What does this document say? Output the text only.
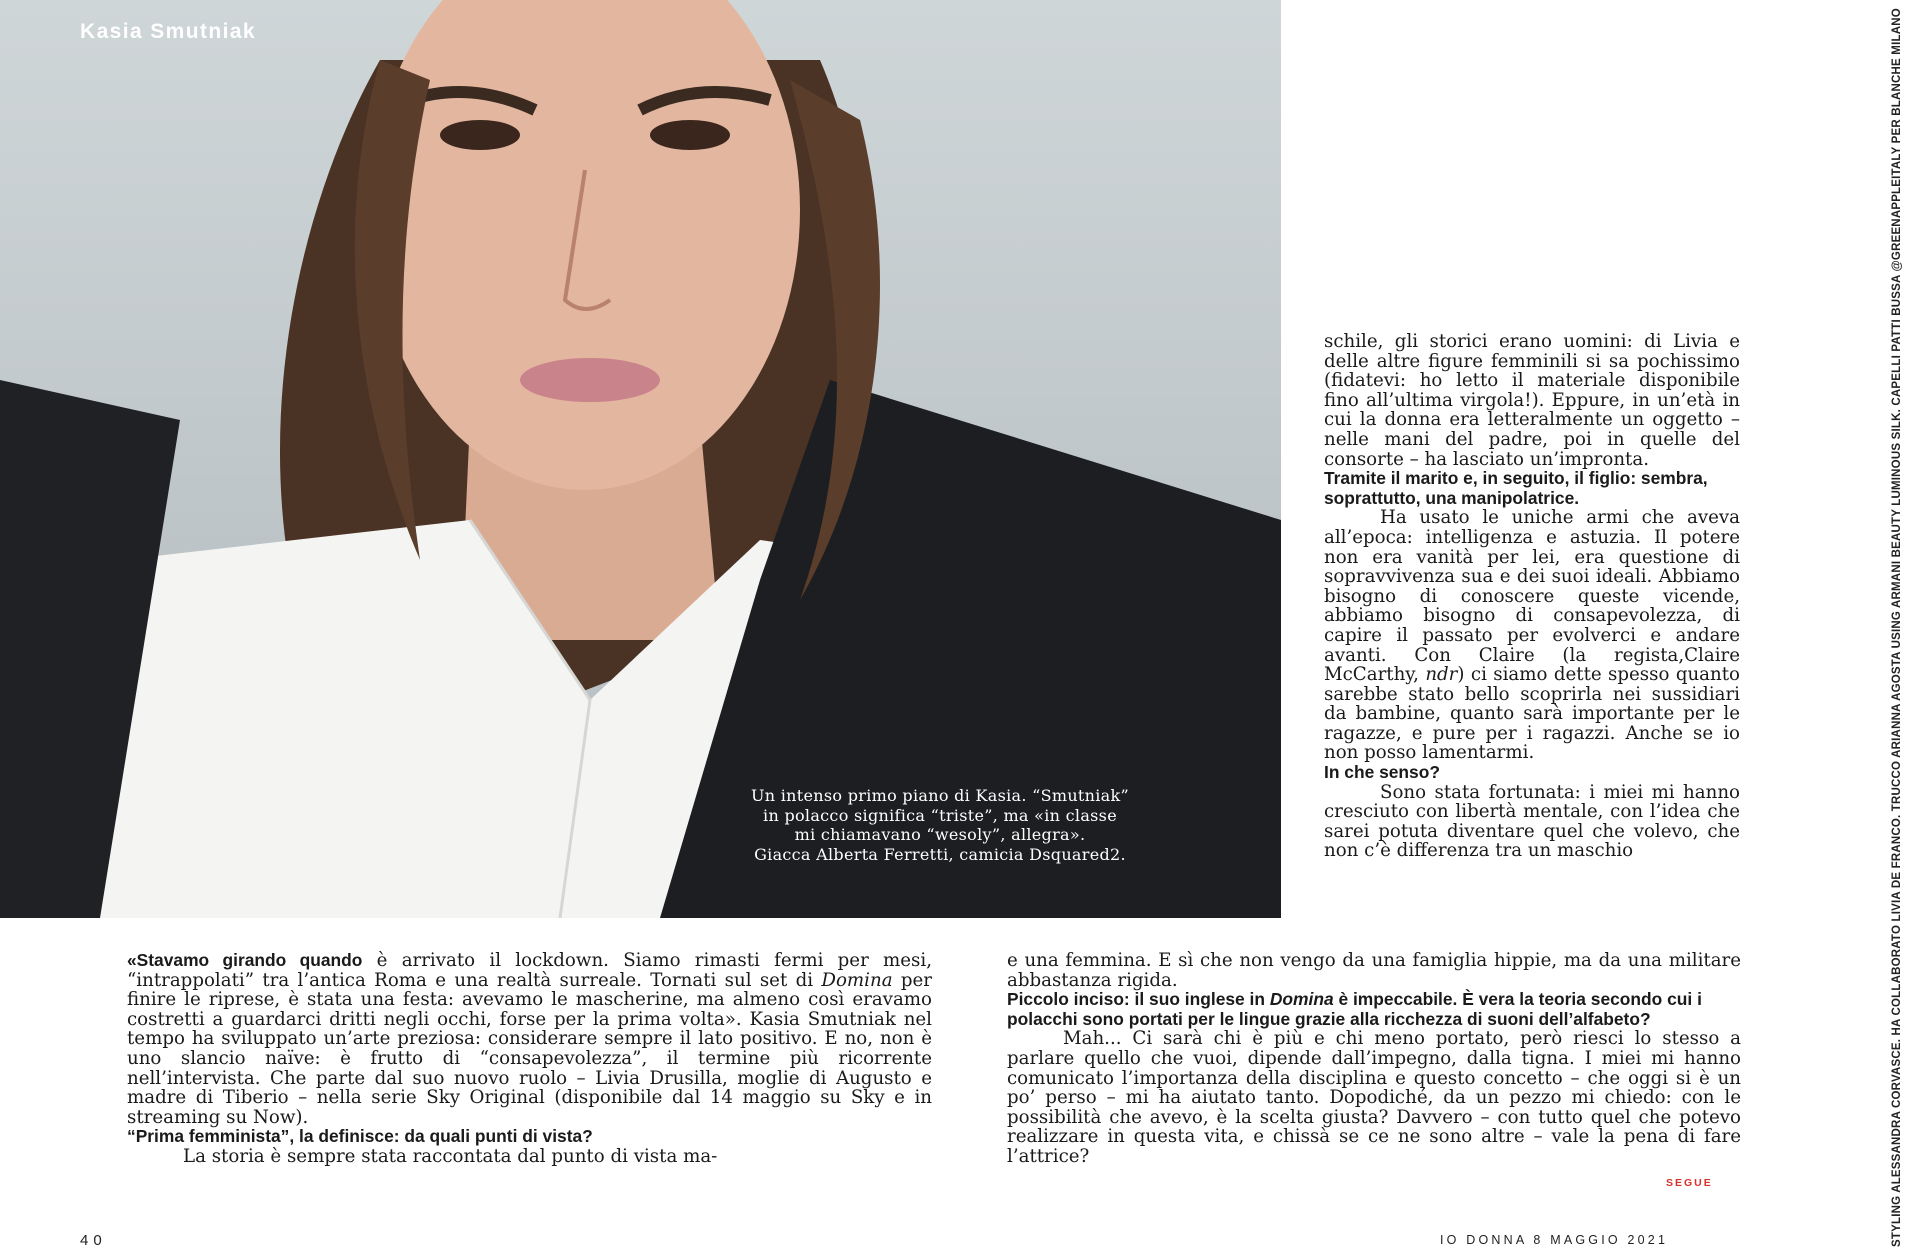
Kasia Smutniak

Un intenso primo piano di Kasia. “Smutniak”

in polacco significa “triste”, ma «in classe

mi chiamavano “wesoly”, allegra».

Giacca Alberta Ferretti, camicia Dsquared2.

schile, gli storici erano uomini: di Livia e delle altre figure femminili si sa pochissimo (fidatevi: ho letto il materiale disponibile fino all’ultima virgola!). Eppure, in un’età in cui la donna era letteralmente un oggetto – nelle mani del padre, poi in quelle del consorte – ha lasciato un’impronta.

Tramite il marito e, in seguito, il figlio: sembra, soprattutto, una manipolatrice.

Ha usato le uniche armi che aveva all’epoca: intelligenza e astuzia. Il potere non era vanità per lei, era questione di sopravvivenza sua e dei suoi ideali. Abbiamo bisogno di conoscere queste vicende, abbiamo bisogno di consapevolezza, di capire il passato per evolverci e andare avanti. Con Claire (la regista,Claire McCarthy, ndr) ci siamo dette spesso quanto sarebbe stato bello scoprirla nei sussidiari da bambine, quanto sarà importante per le ragazze, e pure per i ragazzi. Anche se io non posso lamentarmi.

In che senso?

Sono stata fortunata: i miei mi hanno cresciuto con libertà mentale, con l’idea che sarei potuta diventare quel che volevo, che non c’è differenza tra un maschio

«Stavamo girando quando è arrivato il lockdown. Siamo rimasti fermi per mesi, “intrappolati” tra l’antica Roma e una realtà surreale. Tornati sul set di Domina per finire le riprese, è stata una festa: avevamo le mascherine, ma almeno così eravamo costretti a guardarci dritti negli occhi, forse per la prima volta». Kasia Smutniak nel tempo ha sviluppato un’arte preziosa: considerare sempre il lato positivo. E no, non è uno slancio naïve: è frutto di “consapevolezza”, il termine più ricorrente nell’intervista. Che parte dal suo nuovo ruolo – Livia Drusilla, moglie di Augusto e madre di Tiberio – nella serie Sky Original (disponibile dal 14 maggio su Sky e in streaming su Now).

“Prima femminista”, la definisce: da quali punti di vista?

La storia è sempre stata raccontata dal punto di vista ma-

e una femmina. E sì che non vengo da una famiglia hippie, ma da una militare abbastanza rigida.

Piccolo inciso: il suo inglese in Domina è impeccabile. È vera la teoria secondo cui i polacchi sono portati per le lingue grazie alla ricchezza di suoni dell’alfabeto?

Mah... Ci sarà chi è più e chi meno portato, però riesci lo stesso a parlare quello che vuoi, dipende dall’impegno, dalla tigna. I miei mi hanno comunicato l’importanza della disciplina e questo concetto – che oggi si è un po’ perso – mi ha aiutato tanto. Dopodiché, da un pezzo mi chiedo: con le possibilità che avevo, è la scelta giusta? Davvero – con tutto quel che potevo realizzare in questa vita, e chissà se ce ne sono altre – vale la pena di fare l’attrice?

SEGUE
40	IO DONNA 8 MAGGIO 2021	STYLING ALESSANDRA CORVASCE. HA COLLABORATO LIVIA DE FRANCO. TRUCCO ARIANNA AGOSTA USING ARMANI BEAUTY LUMINOUS SILK. CAPELLI PATTI BUSSA @GREENAPPLEITALY PER BLANCHE MILANO
